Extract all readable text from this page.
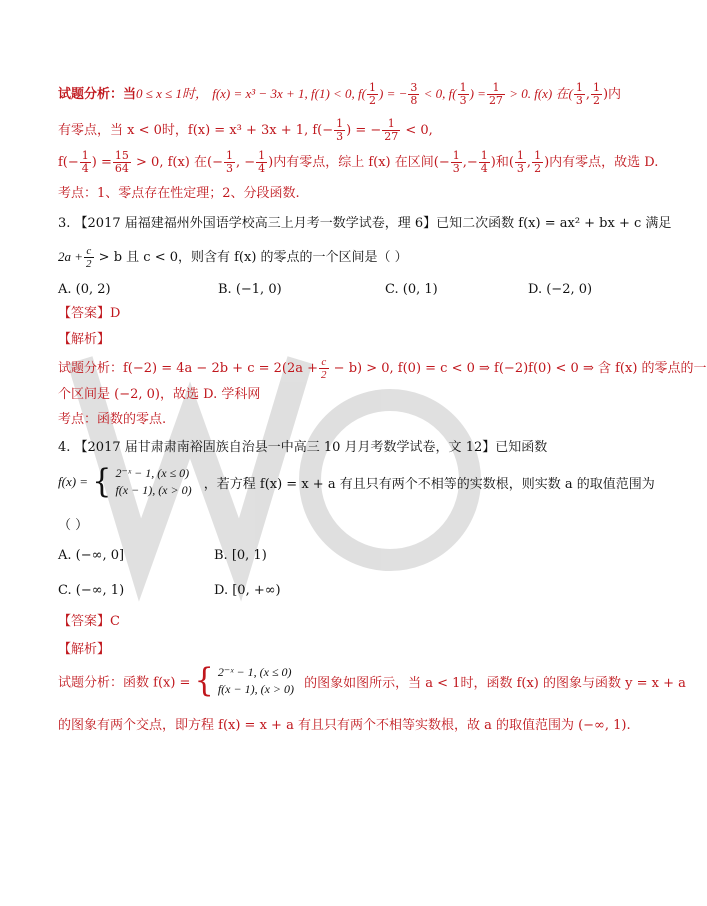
试题分析：当0 ≤ x ≤ 1时， f(x) = x³ − 3x + 1, f(1) < 0, $f( \frac{1}{2}$ ) = − $\frac{3}{8} < 0$, $f( \frac{1}{3}$ ) = $\frac{1}{27} > 0$. f(x) 在( $\frac{1}{3}$ , $\frac{1}{2}$ )内
有零点，当 x < 0时，f(x) = x³ + 3x + 1, $f(- \frac{1}{3}$ ) = − $\frac{1}{27} < 0$,
$f(- \frac{1}{4}$ ) = $\frac{15}{64} > 0$, f(x) 在(− $\frac{1}{3}$ , − $\frac{1}{4}$ )内有零点，综上 f(x) 在区间(− $\frac{1}{3}$ ,− $\frac{1}{4}$ )和( $\frac{1}{3}$ , $\frac{1}{2}$ )内有零点，故选 D.
考点：1、零点存在性定理；2、分段函数.
3. 【2017 届福建福州外国语学校高三上月考一数学试卷，理 6】已知二次函数 f(x) = ax² + bx + c 满足
$2a + \frac{c}{2} > b$ 且 c < 0，则含有 f(x) 的零点的一个区间是（ ）
A. (0, 2)	B. (−1, 0)	C. (0, 1)	D. (−2, 0)
【答案】D
【解析】
试题分析：$f(-2) = 4a - 2b + c = 2(2a + \frac{c}{2} - b) > 0$, f(0) = c < 0 ⇒ f(−2)f(0) < 0 ⇒ 含 f(x) 的零点的一
个区间是 (−2, 0)，故选 D. 学科网
考点：函数的零点.
4. 【2017 届甘肃肃南裕固族自治县一中高三 10 月月考数学试卷，文 12】已知函数
f(x) = { 2⁻ˣ − 1, (x ≤ 0)
f(x − 1), (x > 0) ，若方程 f(x) = x + a 有且只有两个不相等的实数根，则实数 a 的取值范围为
（ ）
A. (−∞, 0]	B. [0, 1)
C. (−∞, 1)	D. [0, +∞)
【答案】C
【解析】
试题分析：函数 f(x) = { 2⁻ˣ − 1, (x ≤ 0)
f(x − 1), (x > 0) 的图象如图所示，当 a < 1时，函数 f(x) 的图象与函数 y = x + a
的图象有两个交点，即方程 f(x) = x + a 有且只有两个不相等实数根，故 a 的取值范围为 (−∞, 1).
